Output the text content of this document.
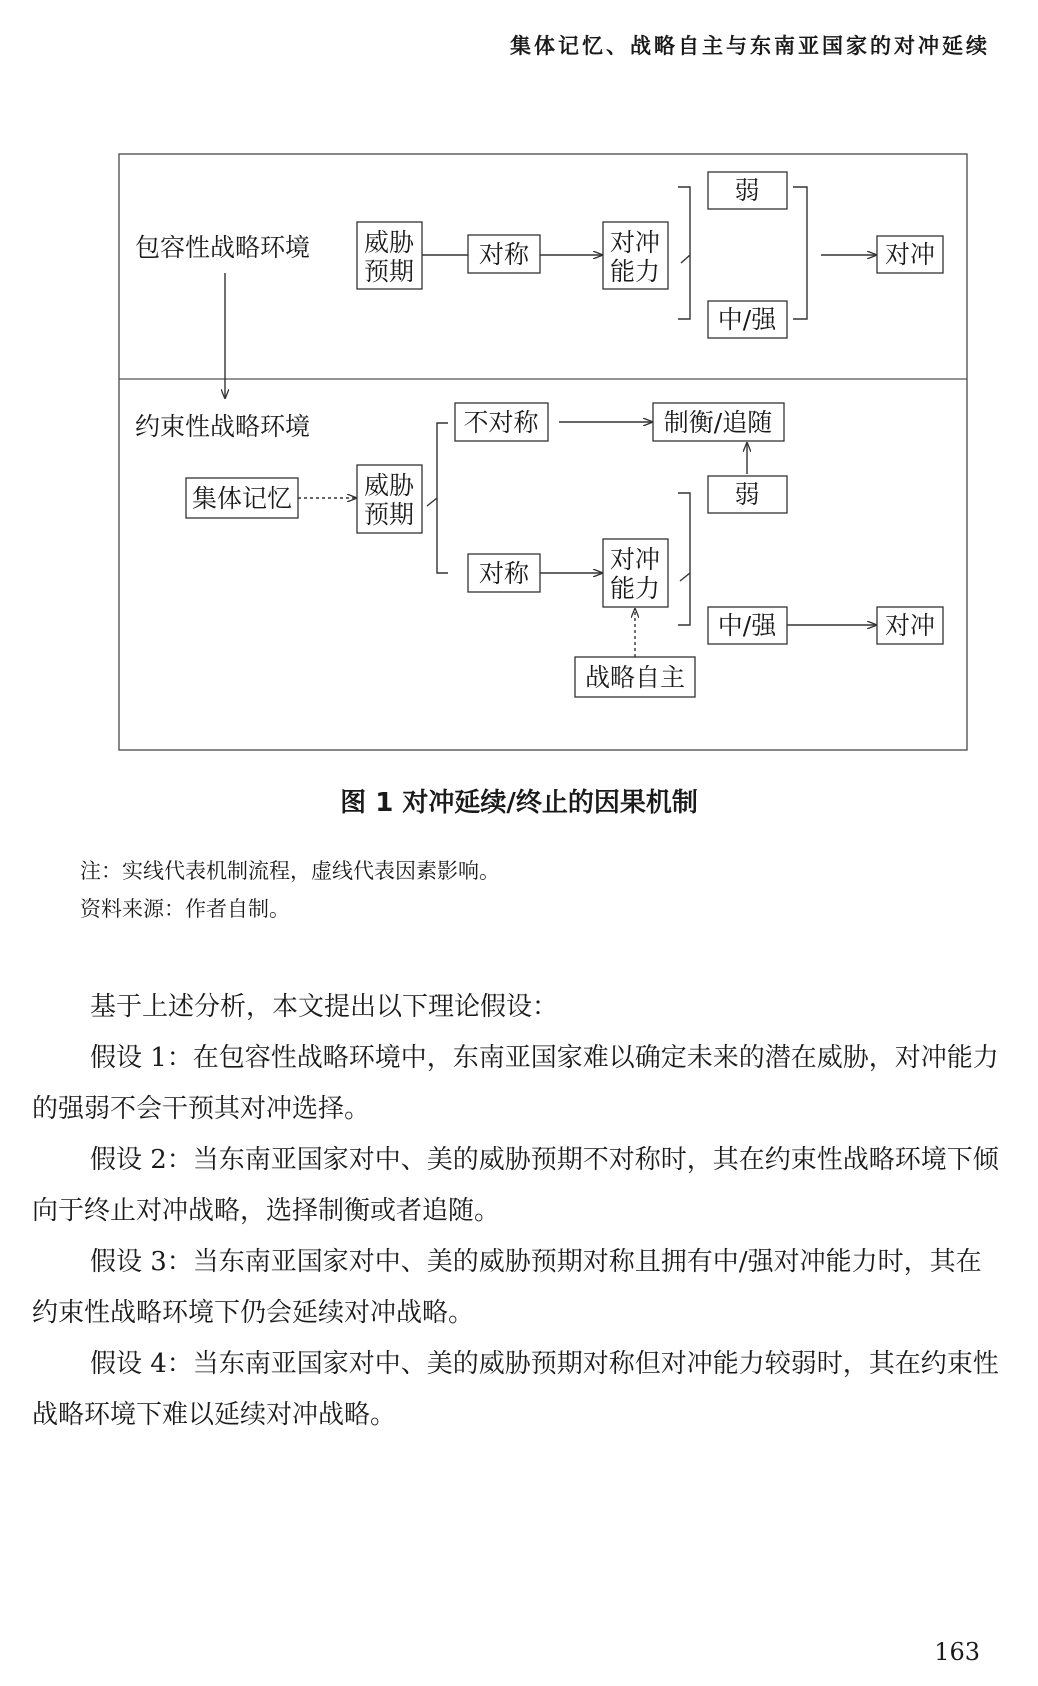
集体记忆、战略自主与东南亚国家的对冲延续
包容性战略环境 威胁
预期
对称	对冲
能力
弱
中/强
对冲
约束性战略环境
集体记忆	威胁
预期
不对称	制衡/追随
对称	对冲
能力
弱
中/强	对冲
战略自主
图 1 对冲延续/终止的因果机制
注：实线代表机制流程，虚线代表因素影响。
资料来源：作者自制。
基于上述分析，本文提出以下理论假设：
假设 1：在包容性战略环境中，东南亚国家难以确定未来的潜在威胁，对冲能力的强弱不会干预其对冲选择。
假设 2：当东南亚国家对中、美的威胁预期不对称时，其在约束性战略环境下倾向于终止对冲战略，选择制衡或者追随。
假设 3：当东南亚国家对中、美的威胁预期对称且拥有中/强对冲能力时，其在约束性战略环境下仍会延续对冲战略。
假设 4：当东南亚国家对中、美的威胁预期对称但对冲能力较弱时，其在约束性战略环境下难以延续对冲战略。
163
